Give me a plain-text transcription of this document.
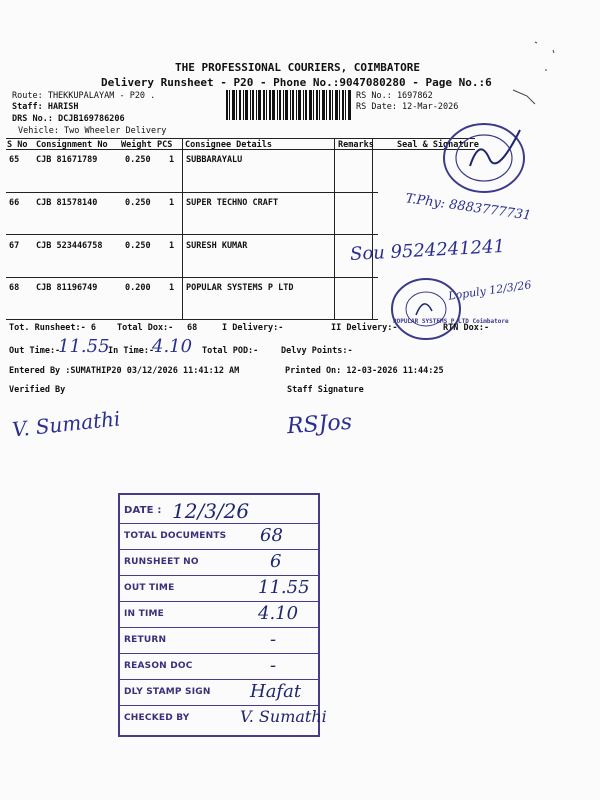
THE PROFESSIONAL COURIERS, COIMBATORE
Delivery Runsheet - P20 - Phone No.:9047080280 - Page No.:6
Route: THEKKUPALAYAM - P20 .
Staff: HARISH
DRS No.: DCJB169786206
Vehicle: Two Wheeler Delivery
RS No.: 1697862
RS Date: 12-Mar-2026
S No Consignment No Weight PCS Consignee Details	Remarks	Seal & Signature
65 CJB 81671789	0.250 1 SUBBARAYALU
66 CJB 81578140	0.250 1 SUPER TECHNO CRAFT
67 CJB 523446758	0.250 1 SURESH KUMAR
68 CJB 81196749	0.200 1 POPULAR SYSTEMS P LTD
T.Phy: 8883777731
Sou 9524241241
Lopuly 12/3/26
POPULAR SYSTEMS P LTD Coimbatore
Tot. Runsheet:- 6 Total Dox:- 68	I Delivery:-	II Delivery:-	RTN Dox:-
Out Time:-
11.55
In Time:-
4.10 Total POD:-	Delvy Points:-
Entered By :SUMATHIP20 03/12/2026 11:41:12 AM	Printed On: 12-03-2026 11:44:25
Verified By	Staff Signature
V. Sumathi	RSJos
DATE : 12/3/26
TOTAL DOCUMENTS 68
RUNSHEET NO	6
OUT TIME	11.55
IN TIME	4.10
RETURN	-
REASON DOC	-
DLY STAMP SIGN Hafat
CHECKED BY	V. Sumathi
